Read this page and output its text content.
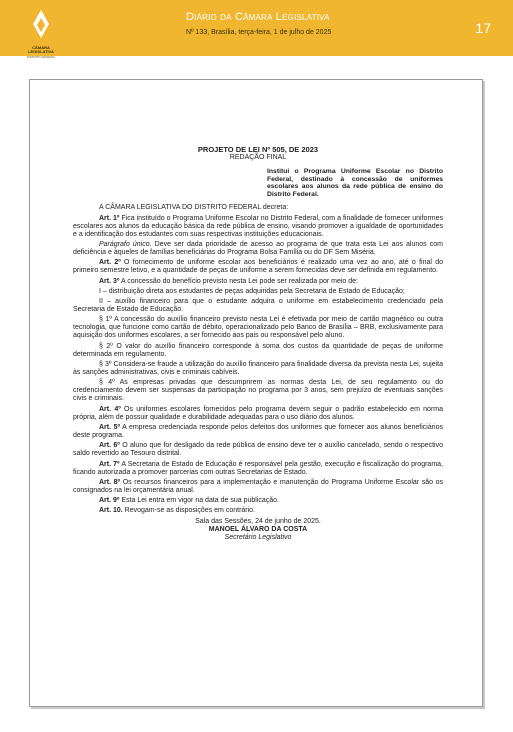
CÂMARA
LEGISLATIVA
DISTRITO FEDERAL
Diário da Câmara Legislativa
Nº 133, Brasília, terça-feira, 1 de julho de 2025	17
PROJETO DE LEI Nº 505, DE 2023
REDAÇÃO FINAL
Institui o Programa Uniforme Escolar no Distrito Federal, destinado à concessão de uniformes escolares aos alunos da rede pública de ensino do Distrito Federal.

A CÂMARA LEGISLATIVA DO DISTRITO FEDERAL decreta:

Art. 1º Fica instituído o Programa Uniforme Escolar no Distrito Federal, com a finalidade de fornecer uniformes escolares aos alunos da educação básica da rede pública de ensino, visando promover a igualdade de oportunidades e a identificação dos estudantes com suas respectivas instituições educacionais.

Parágrafo único. Deve ser dada prioridade de acesso ao programa de que trata esta Lei aos alunos com deficiência e àqueles de famílias beneficiárias do Programa Bolsa Família ou do DF Sem Miséria.

Art. 2º O fornecimento de uniforme escolar aos beneficiários é realizado uma vez ao ano, até o final do primeiro semestre letivo, e a quantidade de peças de uniforme a serem fornecidas deve ser definida em regulamento.

Art. 3º A concessão do benefício previsto nesta Lei pode ser realizada por meio de:

I – distribuição direta aos estudantes de peças adquiridas pela Secretaria de Estado de Educação;

II – auxílio financeiro para que o estudante adquira o uniforme em estabelecimento credenciado pela Secretaria de Estado de Educação.

§ 1º A concessão do auxílio financeiro previsto nesta Lei é efetivada por meio de cartão magnético ou outra tecnologia, que funcione como cartão de débito, operacionalizado pelo Banco de Brasília – BRB, exclusivamente para aquisição dos uniformes escolares, a ser fornecido aos pais ou responsável pelo aluno.

§ 2º O valor do auxílio financeiro corresponde à soma dos custos da quantidade de peças de uniforme determinada em regulamento.

§ 3º Considera-se fraude a utilização do auxílio financeiro para finalidade diversa da prevista nesta Lei, sujeita às sanções administrativas, civis e criminais cabíveis.

§ 4º As empresas privadas que descumprirem as normas desta Lei, de seu regulamento ou do credenciamento devem ser suspensas da participação no programa por 3 anos, sem prejuízo de eventuais sanções civis e criminais.

Art. 4º Os uniformes escolares fornecidos pelo programa devem seguir o padrão estabelecido em norma própria, além de possuir qualidade e durabilidade adequadas para o uso diário dos alunos.

Art. 5º A empresa credenciada responde pelos defeitos dos uniformes que fornecer aos alunos beneficiários deste programa.

Art. 6º O aluno que for desligado da rede pública de ensino deve ter o auxílio cancelado, sendo o respectivo saldo revertido ao Tesouro distrital.

Art. 7º A Secretaria de Estado de Educação é responsável pela gestão, execução e fiscalização do programa, ficando autorizada a promover parcerias com outras Secretarias de Estado.

Art. 8º Os recursos financeiros para a implementação e manutenção do Programa Uniforme Escolar são os consignados na lei orçamentária anual.

Art. 9º Esta Lei entra em vigor na data de sua publicação.

Art. 10. Revogam-se as disposições em contrário.

Sala das Sessões, 24 de junho de 2025.
MANOEL ÁLVARO DA COSTA
Secretário Legislativo
